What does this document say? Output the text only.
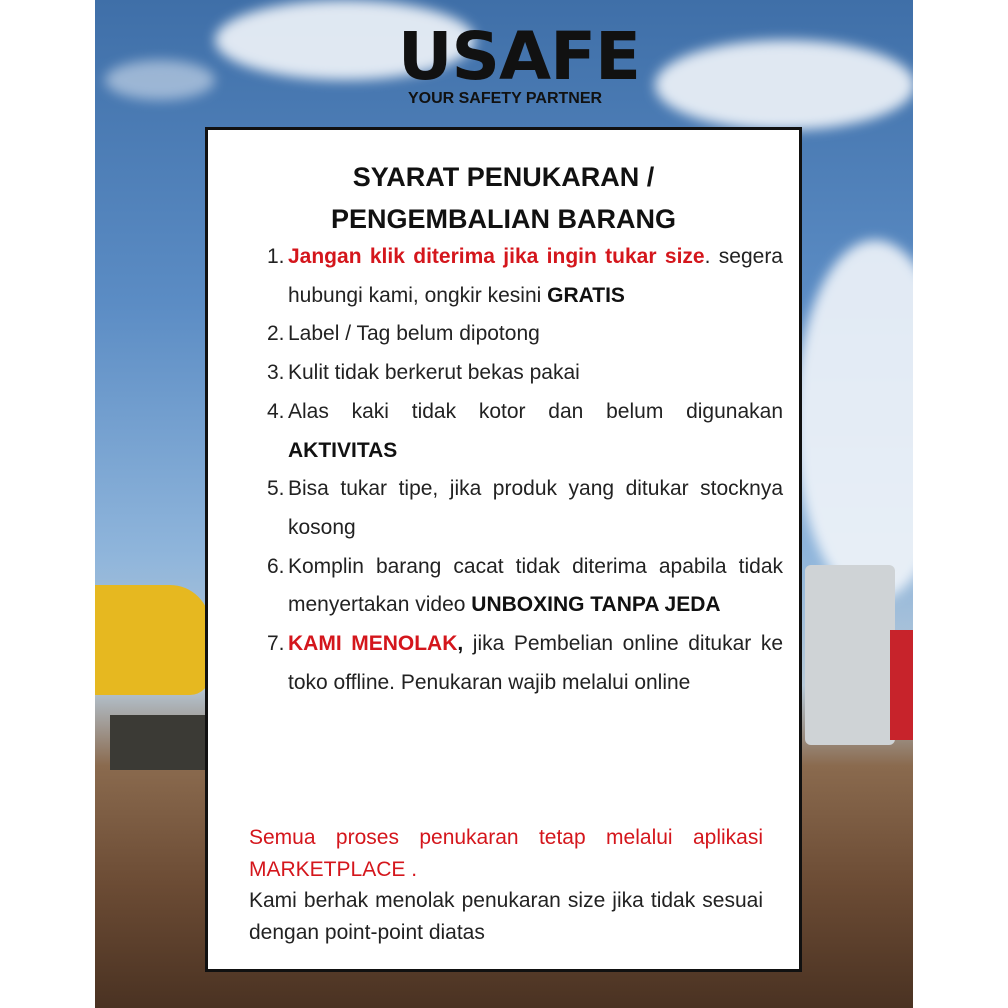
USAFE
YOUR SAFETY PARTNER
SYARAT PENUKARAN /
PENGEMBALIAN BARANG
1. Jangan klik diterima jika ingin tukar size. segera hubungi kami, ongkir kesini GRATIS
2. Label / Tag belum dipotong
3. Kulit tidak berkerut bekas pakai
4. Alas kaki tidak kotor dan belum digunakan AKTIVITAS
5. Bisa tukar tipe, jika produk yang ditukar stocknya kosong
6. Komplin barang cacat tidak diterima apabila tidak menyertakan video UNBOXING TANPA JEDA
7. KAMI MENOLAK, jika Pembelian online ditukar ke toko offline. Penukaran wajib melalui online
Semua proses penukaran tetap melalui aplikasi MARKETPLACE .
Kami berhak menolak penukaran size jika tidak sesuai dengan point-point diatas
